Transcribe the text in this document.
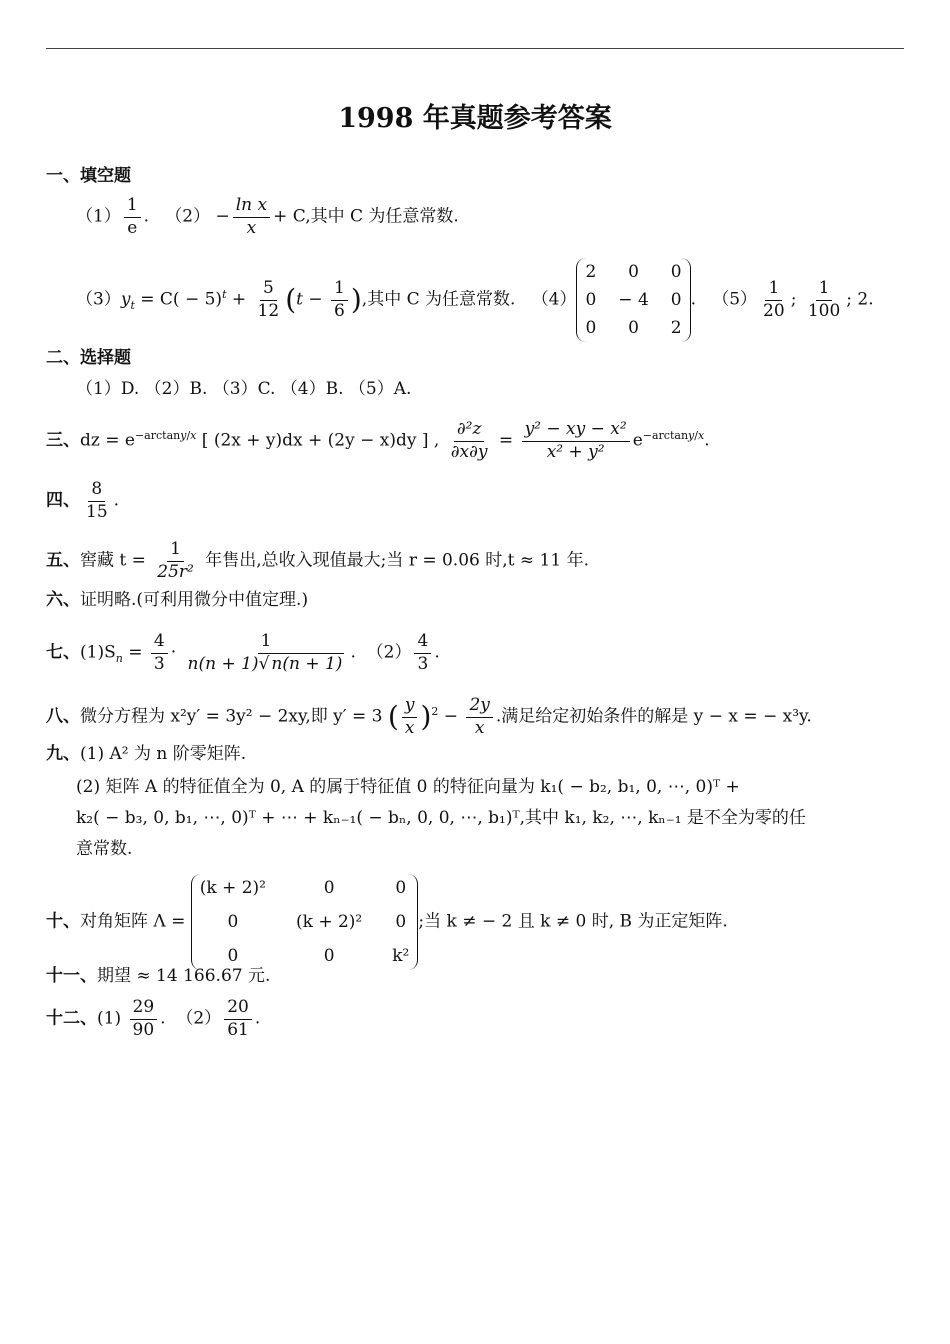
1998 年真题参考答案
一、填空题
$(1) \frac{1}{e}$ . $(2) - \frac{\text{ln x}}{x} + C$,其中 C 为任意常数.
$(3)y_t = C( - 5)^t + \frac{5}{12} (t - \frac{1}{6}$ ),其中 C 为任意常数. （4）
2	0	0
0 − 4 0
0	0	2
.   $(5) \frac{1}{20}$ ; $\frac{1}{100}$ ; 2.
二、选择题
（1）D. （2）B. （3）C. （4）B. （5）A.
三、dz = $e^{-arctany/x}$ [ (2x + y)dx + (2y − x)dy ] , $\frac{\text{∂²z}}{\partial x\partial y} = \frac{\text{y² − xy − x²}}{\text{x² + y²}} e^{-arctany/x}$.
四、 $\frac{8}{15}$ .
五、窖藏 $t = \frac{1}{\text{25r²}}$ 年售出,总收入现值最大;当 r = 0.06 时,t ≈ 11 年.
六、证明略.(可利用微分中值定理.)
七、$(1)S_n = \frac{4}{3} \cdot \frac{1}{n(n + 1)√ n(n + 1)}$ .  $(2) \frac{4}{3}$ .
八、微分方程为 x²y′ = 3y² − 2xy,即 y′ = 3 ( $\frac{y}{x} )^2 - \frac{2y}{x}$ .满足给定初始条件的解是 y − x = − x³y.
九、(1) A² 为 n 阶零矩阵.
(2) 矩阵 A 的特征值全为 0, A 的属于特征值 0 的特征向量为 k₁( − b₂, b₁, 0, ⋯, 0)ᵀ +
k₂( − b₃, 0, b₁, ⋯, 0)ᵀ + ⋯ + kₙ₋₁( − bₙ, 0, 0, ⋯, b₁)ᵀ,其中 k₁, k₂, ⋯, kₙ₋₁ 是不全为零的任
意常数.
十、对角矩阵 Λ =
(k + 2)²	0	0
0	(k + 2)² 0
0	0	k²
;当 k ≠ − 2 且 k ≠ 0 时, B 为正定矩阵.
十一、期望 ≈ 14 166.67 元.
十二、$(1) \frac{29}{90}$ .  $(2) \frac{20}{61}$ .
